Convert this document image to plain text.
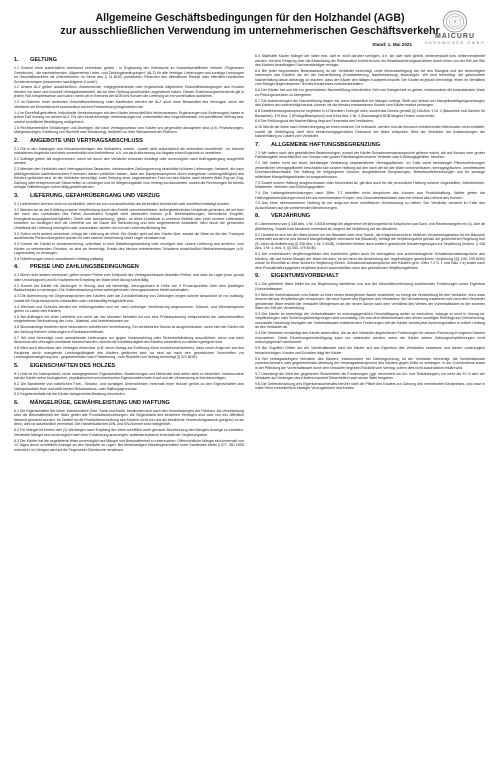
Allgemeine Geschäftsbedingungen für den Holzhandel (AGB)
zur ausschließlichen Verwendung im unternehmerischen Geschäftsverkehr
Stand: 1. Mai 2021
MAICURU
HARDWOODS GMBH
1.	GELTUNG

1.1 Sowohl nicht ausdrücklich anerkannt vereinbart, gelten - in Ergänzung der Gebräuche im holzwirtschaftlichen Verkehr (Tegernseer Gebräuche) - die nachstehenden „Allgemeinen Liefer- und Zahlungsbedingungen“ (ALZ) für alle Verträge, Lieferungen und sonstige Leistungen im Geschäftsverkehr mit Unternehmern im Sinne des § 14 BGB, juristischen Personen des öffentlichen Rechts oder öffentlich-rechtlichen Sondervermögen (zusammen nachfolgend „Kunde“).

1.2 Unsere ALZ gelten ausschließlich. Abweichende, entgegenstehende oder ergänzende Allgemeine Geschäftsbedingungen des Kunden werden nur dann und insoweit Vertragsbestandteil, als wir ihrer Geltung ausdrücklich zugestimmt haben. Dieses Zustimmungserfordernis gilt in jedem Fall, beispielsweise auch dann, wenn wir in Kenntnis der AGB des Kunden die Lieferung an ihn vorbehaltlos ausführen.

1.3 Im Rahmen einer laufenden Geschäftsverbindung unter Kaufleuten werden die ALZ auch ohne Bestandteil des Vertrages, wenn der Verkäufer sie Einzelfall nicht ausdrücklich auf ihre Einbeziehung hingewiesen hat.

1.4 Im Einzelfall getroffene, individuelle Vereinbarungen mit dem Käufer (einschließlich Nebenabreden, Ergänzungen und Änderungen) haben in jedem Fall Vorrang vor diesen ALZ. Für den Inhalt derartiger Vereinbarungen ist, vorbehaltlich des Gegenbeweises, ein schriftlicher Vertrag bzw. unsere schriftliche Bestätigung maßgebend.

1.5 Rechtserhebliche Erklärungen und Anzeigen, die nach Vertragsschluss vom Käufer uns gegenüber abzugeben sind (z.B. Fristsetzungen, Mängelanzeigen, Erklärung von Rücktritt oder Minderung), bedürfen zu ihrer Wirksamkeit der Textform.

2.	ANGEBOTE UND VERTRAGSABSCHLUSS

2.1 Die in den Katalogen und Verkaufsunterlagen des Verkäufers, soweit - soweit nicht ausdrücklich als verbindlich bezeichnet - im Internet enthaltenen Angebote sind stets unverbindlich und freibleibend, d.h. nur als Aufforderung zur Abgabe eines Angebots zu verstehen.

2.2 Aufträge gelten als angenommen, wenn sie durch den Verkäufer entweder bestätigt oder unverzüglich nach Auftragseingang ausgeführt werden.

2.3 Wenden den Verkäufer nach Vertragsschluss Tatsachen, insbesondere Zahlungsverzug hinsichtlich früherer Lieferungen, bekannt, die nach pflichtgemäßem kaufmännischem Ermessen darauf schließen lassen, dass der Kaufpreisanspruch durch mangelnde Leistungsfähigkeit des Käufers gefährdet wird, ist der Verkäufer berechtigt, unter Setzung einer angemessenen Frist von den Käufer nach deinem Wahl Zug um Zug-Zahlung oder entsprechende Sicherheiten zu verlangen und im Weigerungsfalle vom Vertrag zurückzutreten, soweit die Rechnungen für bereits erfolgte Teillieferungen sofort fällig gestellt werden.

3.	LIEFERUNG, GEFAHRÜBERGANG UND VERZUG

3.1 Lieferfristen/-termine sind nur verbindlich, wenn sie von uns ausdrücklich als verbindlich bezeichnet oder schriftlich bestätigt wurden.

3.2 Werden wir an der Erfüllung unserer Verpflichtung durch den Eintritt unvorhersehbarer, außergewöhnlicher Umstände gehindert, die wir trotz der nach den Umständen des Falles zumutbaren Sorgfalt nicht abwenden können (z.B. Betriebsstörungen, behördliche Eingriffe, Energieversorgungsschwierigkeiten, Streik oder Aussperrung), gleich, ob diese Umstände in unserem Betrieb oder einer unserer Lieferanten eintreten, so verlängert sich die Lieferfrist um die Dauer der Behinderung und eine angemessene Anlaufzeit. Wird durch die genannten Umstände die Lieferung unmöglich oder unzumutbar, werden wir von der Lieferverpflichtung frei.

3.3 Sofern nicht anders vereinbart, erfolgt die Lieferung ab Werk. Die Gefahr geht auf den Käufer über, sobald die Ware an die den Transport ausführende Person übergeben worden ist oder zwecks Versendung unser Lager verlassen hat.

3.4 Kommt der Käufer in Annahmeverzug, unterlässt er eine Mitwirkungshandlung oder verzögert sich unsere Lieferung aus anderen, vom Käufer zu vertretenden Gründen, so sind wir berechtigt, Ersatz des hieraus entstehenden Schadens einschließlich Mehraufwendungen (z.B. Lagerkosten) zu verlangen.

3.5 Teillieferungen sind in zumutbarem Umfang zulässig.

4.	PREISE UND ZAHLUNGSBEDINGUNGEN

4.1 Wenn nicht anders vereinbart, gelten unsere Preise zum Zeitpunkt des Vertragsschlusses aktuellen Preise, und zwar ab Lager (bzw. grund) oder Umschlagsort) und für Kaufpreis bei Empfang der Ware ohne Abzug sofort fällig.

4.2 Kommt der Käufer mit Zahlungen in Verzug, sind wir berechtigt, Verzugszinsen in Höhe von 9 Prozentpunkten über dem jeweiligen Basiszinssatz zu verlangen. Die Geltendmachung eines weitergehenden Verzugsschadens bleibt vorbehalten.

4.3 Die Aufrechnung mit Gegenansprüchen des Käufers oder die Zurückbehaltung von Zahlungen wegen solcher Ansprüche ist nur zulässig, soweit die Gegenansprüche unbestritten oder rechtskräftig festgestellt sind.

4.4 Wechsel und Schecks werden nur erfüllungshalber und nur nach vorheriger Vereinbarung angenommen. Diskont- und Wechselspesen gehen zu Lasten des Käufers.

4.5 Bei Aufträgen mit einer Lieferfrist von mehr als vier Monaten behalten wir uns eine Preisanpassung entsprechend der zwischenzeitlich eingetretenen Veränderung der Lohn-, Material- und Vertriebskosten vor.

4.6 Skontoabzüge bedürfen einer besonderen schriftlichen Vereinbarung. Ein vereinbartes Skonto ist ausgeschlossen, wenn sich der Käufer mit der Zahlung früherer Lieferungen im Rückstand befindet.

4.7 Wir sind berechtigt, noch ausstehende Lieferungen nur gegen Vorauszahlung oder Sicherheitsleistung auszuführen, wenn uns nach Abschluss des Vertrages Umstände bekannt werden, welche die Kreditwürdigkeit des Käufers wesentlich zu mindern geeignet sind.

4.8 Wird auch Abschluss des Vertrages erkennbar (z.B. durch Antrag auf Eröffnung eines Insolvenzverfahrens), dass unser Anspruch auf den Kaufpreis durch mangelnde Leistungsfähigkeit des Käufers gefährdet wird, so sind wir nach den gesetzlichen Vorschriften zur Leistungsverweigerung und - gegebenenfalls nach Fristsetzung - zum Rücktritt vom Vertrag berechtigt (§ 321 BGB).

5.	EIGENSCHAFTEN DES HOLZES

5.1 Holz ist ein Naturprodukt; seine naturgegebenen Eigenschaften, Abweichungen und Merkmale sind daher stets zu beachten. Insbesondere hat der Käufer seine biologischen, physikalischen und chemischen Eigenschaften beim Kauf und der Verwendung zu berücksichtigen.

5.2 Die Bandbreite von natürlichen Farb-, Struktur- und sonstigen Unterschieden innerhalb einer Holzart gehört zu den Eigenschaften des Naturproduktes Holz und stellt keinen Reklamations- oder Haftungsgrund dar.

5.3 Gegebenenfalls hat der Käufer fachgerechte Beratung einzuholen.

6.	MÄNGELRÜGE, GEWÄHRLEISTUNG UND HAFTUNG

6.1 Die Eigenschaften der Ware, insbesondere Güte, Sorte und Maße, bestimmen sich nach den Vereinbarungen der Parteien. Als Vereinbarung über die Beschaffenheit der Ware gelten alle Produktbeschreibungen, die Gegenstand des einzelnen Vertrages sind oder von uns öffentlich bekannt gemacht wurden. Im Zweifel ist die Produktbeschreibung des Käufers nicht von uns als bestimmte Verwendungszweck geeignet, es sei denn, dies ist ausdrücklich vereinbart. Die Handelsüblichen DIN- und EN-Normen sind maßgeblich.

6.2 Für Mängel ist binnen drei (3) Werktagen nach Empfang der Ware schriftlich unter genauer Bezeichnung des Mangels Anzeige zu erstatten. Verdeckte Mängel sind unverzüglich nach ihrer Entdeckung anzuzeigen, spätestens jedoch innerhalb der Verjährungsfrist.

6.3 Der Käufer hat die angelieferte Ware unverzüglich auf Mängel und Beschaffenheit zu untersuchen. Offensichtliche Mängel sind innerhalb von 14 Tagen durch schriftliche Anzeige an den Verkäufer zu rügen. Bei beiderseitigen Handelsgeschäften unter Kaufleuten bleibt § 377, 381 HGB unberührt. Im Übrigen wird auf die Tegernseer Gebräuche verwiesen.

6.4 Statthafte Käufer Mängel der Ware fest, darf er nicht darüber verfügen, d.h. sie darf nicht geteilt, weiterverkauft bzw. weiterverarbeitet werden, bis eine Einigung über die Abwicklung der Reklamation erzielt ist bzw. ein Beweissicherungsverfahren durch einen von der IHK am Sitz des Käufers beauftragten Sachverständigen erfolgte.

6.5 Bei jeder begründeten Beanstandung ist der Verkäufer berechtigt, unter Berücksichtigung der Art des Mangels und der berechtigten Interessen des Käufers die Art der Nacherfüllung (Ersatzlieferung, Nachbesserung) festzulegen. Wir sind berechtigt, die geschuldete Nacherfüllung davon abhängig zu machen, dass der Käufer den fälligen Kaufpreis bezahlt. Der Käufer ist jedoch berechtigt, einen im Verhältnis zum Mangel angemessenen Teil des Kaufpreises zurückzubehalten.

6.6 Der Käufer hat uns die zur geschuldeten Nacherfüllung erforderliche Zeit und Gelegenheit zu geben, insbesondere die beanstandete Ware zu Prüfungszwecken zu übergeben.

6.7 Die Aufwendungen der Nacherfüllung tragen wir, wenn tatsächlich ein Mangel vorliegt. Stellt sich jedoch ein Mangelbeseitigungsverlangen des Käufers als unberechtigt heraus, können wir die hieraus entstandenen Kosten vom Käufer ersetzt verlangen.

6.8 Gewährleistungsansprüche verjähren in 12 Monaten. Dies gilt nicht, soweit das Gesetz gemäß §§ 438 Abs. 1 Nr. 2 (Bauwerke und Sachen für Bauwerke), 479 Abs. 1 (Rückgriffsanspruch) und 634a Abs. 1 Nr. 2 (Baumängel) BGB längere Fristen vorschreibt.

6.9 Der Erfüllungsort der Nacherfüllung liegt am Firmensitz des Verkäufers.

6.10 Wurde die Ware nach Gefahrübergang an einen anderen Ort verbracht, werden uns die hierdurch entstehenden Mehrkosten nicht erstattet, soweit die Verbringung nicht dem bestimmungsgemäßen Gebrauch der Ware entspricht. Wird der Verkäufer der Aufwendungen der Nacherfüllung zu Lasten vom Verkäufer.

7.	ALLGEMEINE HAFTUNGSBEGRENZUNG

7.1 Wir haften nach den gesetzlichen Bestimmungen, soweit der Käufer Schadensersatzansprüche geltend macht, die auf Vorsatz oder grober Fahrlässigkeit, einschließlich von Vorsatz oder grober Fahrlässigkeit unserer Vertreter oder Erfüllungsgehilfen, beruhen.

7.2 Wir haften nicht bei leicht fahrlässiger Verletzung unwesentlicher Vertragspflichten. Im Falle leicht fahrlässiger Pflichtverletzungen wesentlicher Vertragspflichten beschränkt sich unsere Haftung auf den nach der Art der Ware vorhersehbaren, vertragstypischen, unmittelbaren Durchschnittsschaden. Die Haftung für entgangenen Gewinn, ausgebliebene Einsparungen, Betriebsunterbrechungen und für sonstige mittelbare Mangelfolgeschäden ist ausgeschlossen.

7.3 Soweit unsere Haftung ausgeschlossen oder beschränkt ist, gilt dies auch für die persönliche Haftung unserer Angestellten, Arbeitnehmer, Mitarbeiter, Vertreter und Erfüllungsgehilfen.

7.4 Die Haftungsbeschränkungen nach Ziffer 7.2 betreffen nicht Ansprüche des Kunden aus Produkthaftung. Weiter gelten die Haftungsbeschränkungen nicht bei uns zurechenbaren Körper- und Gesundheitsschäden oder bei Verlust des Lebens des Kunden.

7.5 Aus einer übernommenen Haftung ist nur aufgrund einer schriftlichen Vereinbarung zu haften. Der Verkäufer verweist im Falle des Ausschlusses auf die vorstehenden Bestimmungen.

8.	VERJÄHRUNG

8.1 Abweichend von § 438 Abs. 1 Nr. 3 BGB beträgt die allgemeine Verjährungsfrist für Ansprüche aus Sach- und Rechtsmängeln ein (1) Jahr ab Ablieferung. Soweit eine Abnahme vereinbart ist, beginnt die Verjährung mit der Abnahme.

8.2 Handelt es sich bei der Ware jedoch um ein Bauwerk oder eine Sache, die entsprechend ihrer üblichen Verwendungsweise für ein Bauwerk verwendet worden ist und dessen Mangelhaftigkeit verursacht hat (Baustoff), beträgt die Verjährungsfrist gemäß der gesetzlichen Regelung fünf (5) Jahre ab Ablieferung (§ 438 Abs. 1 Nr. 2 BGB). Unberührt bleiben auch weitere gesetzliche Sonderregelungen zur Verjährung (insbes. § 438 Abs. 1 Nr. 1, Abs. 3, §§ 444, 479 BGB).

8.3 Die vorstehenden Verjährungsfristen des Kaufrechts gelten auch für vertragliche und außervertragliche Schadensersatzansprüche des Käufers, die auf einem Mangel der Ware beruhen, es sei denn die Anwendung der regelmäßigen gesetzlichen Verjährung (§§ 195, 199 BGB) würde im Einzelfall zu einer kürzeren Verjährung führen. Schadensersatzansprüche des Käufers gem. Ziffer 7.2 S. 1 und Satz 2 a) sowie nach dem Produkthaftungsgesetz verjähren jedoch ausschließlich nach den gesetzlichen Verjährungsfristen.

9.	EIGENTUMSVORBEHALT

9.1 Die gelieferte Ware bleibt bis zur Begleichung sämtlicher uns aus der Geschäftsverbindung zustehenden Forderungen unser Eigentum (Vorbehaltsware).

9.2 Wird die Vorbehaltsware vom Käufer zu einer neuen beweglichen Sache verarbeitet, so erfolgt die Verarbeitung für den Verkäufer, ohne dass diesem hieraus Verpflichtungen erwachsen; die neue Sache wird Eigentum des Verkäufers. Bei Verarbeitung zusammen mit nicht dem Verkäufer gehörender Ware erwirbt der Verkäufer Miteigentum an der neuen Sache nach dem Verhältnis des Wertes der Vorbehaltsware zu der anderen Ware zur Zeit der Verarbeitung.

9.3 Der Käufer ist berechtigt, die Vorbehaltsware im ordnungsgemäßen Geschäftsgang weiter zu veräußern, solange er nicht in Verzug ist. Verpfändungen oder Sicherungsübereignungen sind unzulässig. Die aus dem Weiterverkauf oder einem sonstigen Rechtsgrund (Versicherung, unerlaubte Handlung) bezüglich der Vorbehaltsware entstehenden Forderungen tritt der Käufer bereits jetzt sicherungshalber in vollem Umfang an den Verkäufer ab.

9.4 Der Verkäufer ermächtigt den Käufer widerruflich, die an den Verkäufer abgetretenen Forderungen für dessen Rechnung im eigenen Namen einzuziehen. Diese Einziehungsermächtigung kann nur widerrufen werden, wenn der Käufer seinen Zahlungsverpflichtungen nicht ordnungsgemäß nachkommt.

9.5 Bei Zugriffen Dritter auf die Vorbehaltsware wird der Käufer auf das Eigentum des Verkäufers hinweisen und diesen unverzüglich benachrichtigen. Kosten und Schäden trägt der Käufer.

9.6 Bei vertragswidrigem Verhalten des Käufers, insbesondere bei Zahlungsverzug, ist der Verkäufer berechtigt, die Vorbehaltsware zurückzunehmen oder gegebenenfalls Abtretung der Herausgabeansprüche des Käufers gegen Dritte zu verlangen. In der Zurücknahme sowie in der Pfändung der Vorbehaltsware durch den Verkäufer liegt kein Rücktritt vom Vertrag, sofern dies nicht ausdrücklich erklärt wird.

9.7 Übersteigt der Wert der gegebenen Sicherheiten die Forderungen (ggf. vermindert um An- und Teilzahlungen) um mehr als 20 % wird der Verkäufer auf Verlangen des Käufers insoweit Sicherheiten nach seiner Wahl freigeben.

9.8 Die Geltendmachung des Eigentumsvorbehalts berührt nicht die Pflicht des Käufers zur Zahlung des vereinbarten Kaufpreises, und zwar in voller Höhe einschließlich etwaiger Verzugszinsen und Kosten.
